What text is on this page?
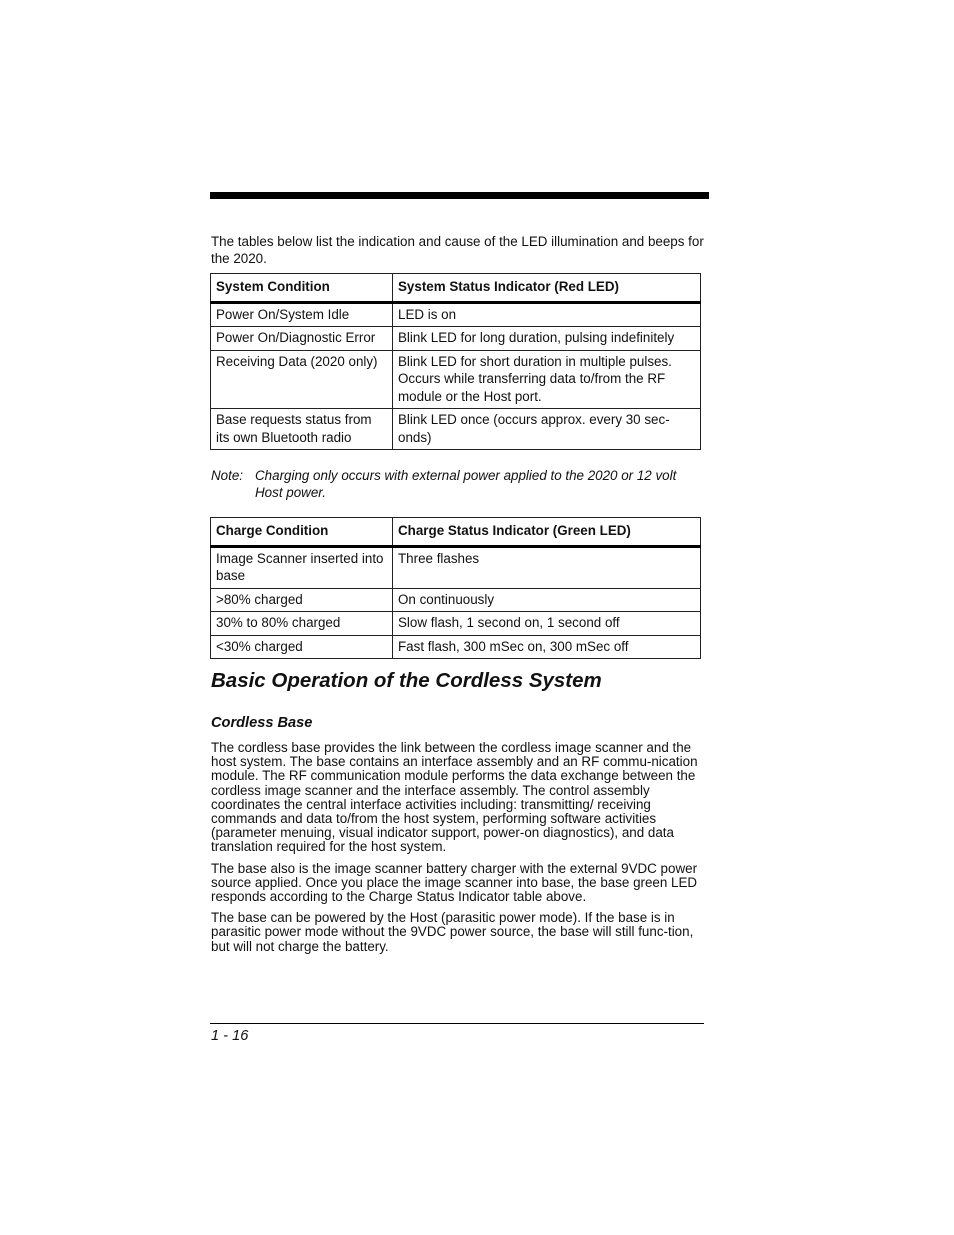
The tables below list the indication and cause of the LED illumination and beeps for the 2020.
System Condition	System Status Indicator (Red LED)
Power On/System Idle	LED is on
Power On/Diagnostic Error	Blink LED for long duration, pulsing indefinitely
Receiving Data (2020 only)	Blink LED for short duration in multiple pulses. Occurs while transferring data to/from the RF module or the Host port.
Base requests status from its own Bluetooth radio	Blink LED once (occurs approx. every 30 sec-onds)
Note: Charging only occurs with external power applied to the 2020 or 12 volt Host power.
Charge Condition	Charge Status Indicator (Green LED)
Image Scanner inserted into base	Three flashes
>80% charged	On continuously
30% to 80% charged	Slow flash, 1 second on, 1 second off
<30% charged	Fast flash, 300 mSec on, 300 mSec off
Basic Operation of the Cordless System
Cordless Base

The cordless base provides the link between the cordless image scanner and the host system. The base contains an interface assembly and an RF commu-nication module. The RF communication module performs the data exchange between the cordless image scanner and the interface assembly. The control assembly coordinates the central interface activities including: transmitting/ receiving commands and data to/from the host system, performing software activities (parameter menuing, visual indicator support, power-on diagnostics), and data translation required for the host system.

The base also is the image scanner battery charger with the external 9VDC power source applied. Once you place the image scanner into base, the base green LED responds according to the Charge Status Indicator table above.

The base can be powered by the Host (parasitic power mode). If the base is in parasitic power mode without the 9VDC power source, the base will still func-tion, but will not charge the battery.

1 - 16
